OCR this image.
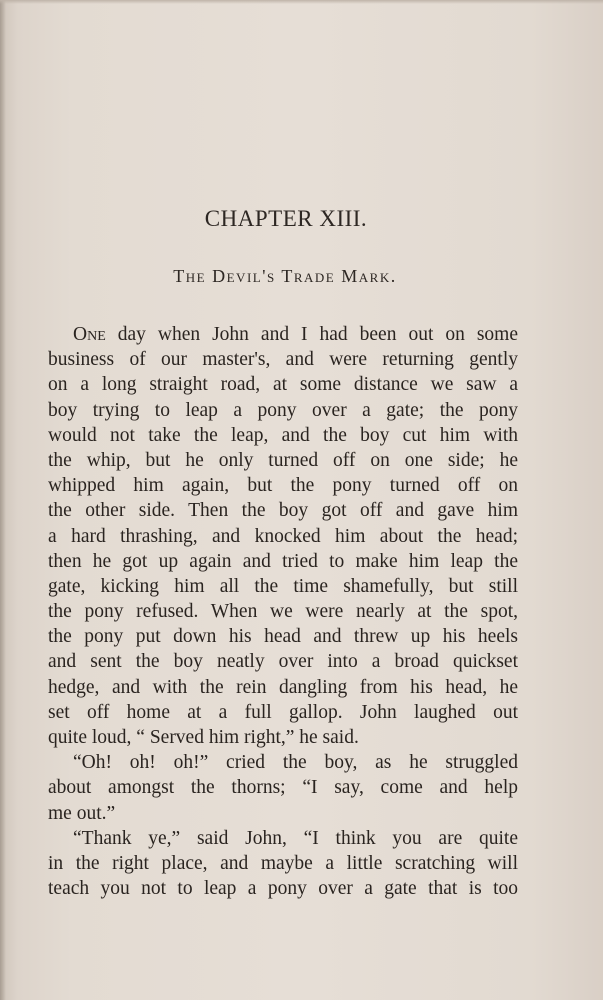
CHAPTER XIII.
The Devil's Trade Mark.
One day when John and I had been out on some
business of our master's, and were returning gently
on a long straight road, at some distance we saw a
boy trying to leap a pony over a gate; the pony
would not take the leap, and the boy cut him with
the whip, but he only turned off on one side; he
whipped him again, but the pony turned off on
the other side. Then the boy got off and gave him
a hard thrashing, and knocked him about the head;
then he got up again and tried to make him leap the
gate, kicking him all the time shamefully, but still
the pony refused. When we were nearly at the spot,
the pony put down his head and threw up his heels
and sent the boy neatly over into a broad quickset
hedge, and with the rein dangling from his head, he
set off home at a full gallop. John laughed out
quite loud, “ Served him right,” he said.
“Oh! oh! oh!” cried the boy, as he struggled
about amongst the thorns; “I say, come and help
me out.”
“Thank ye,” said John, “I think you are quite
in the right place, and maybe a little scratching will
teach you not to leap a pony over a gate that is too
